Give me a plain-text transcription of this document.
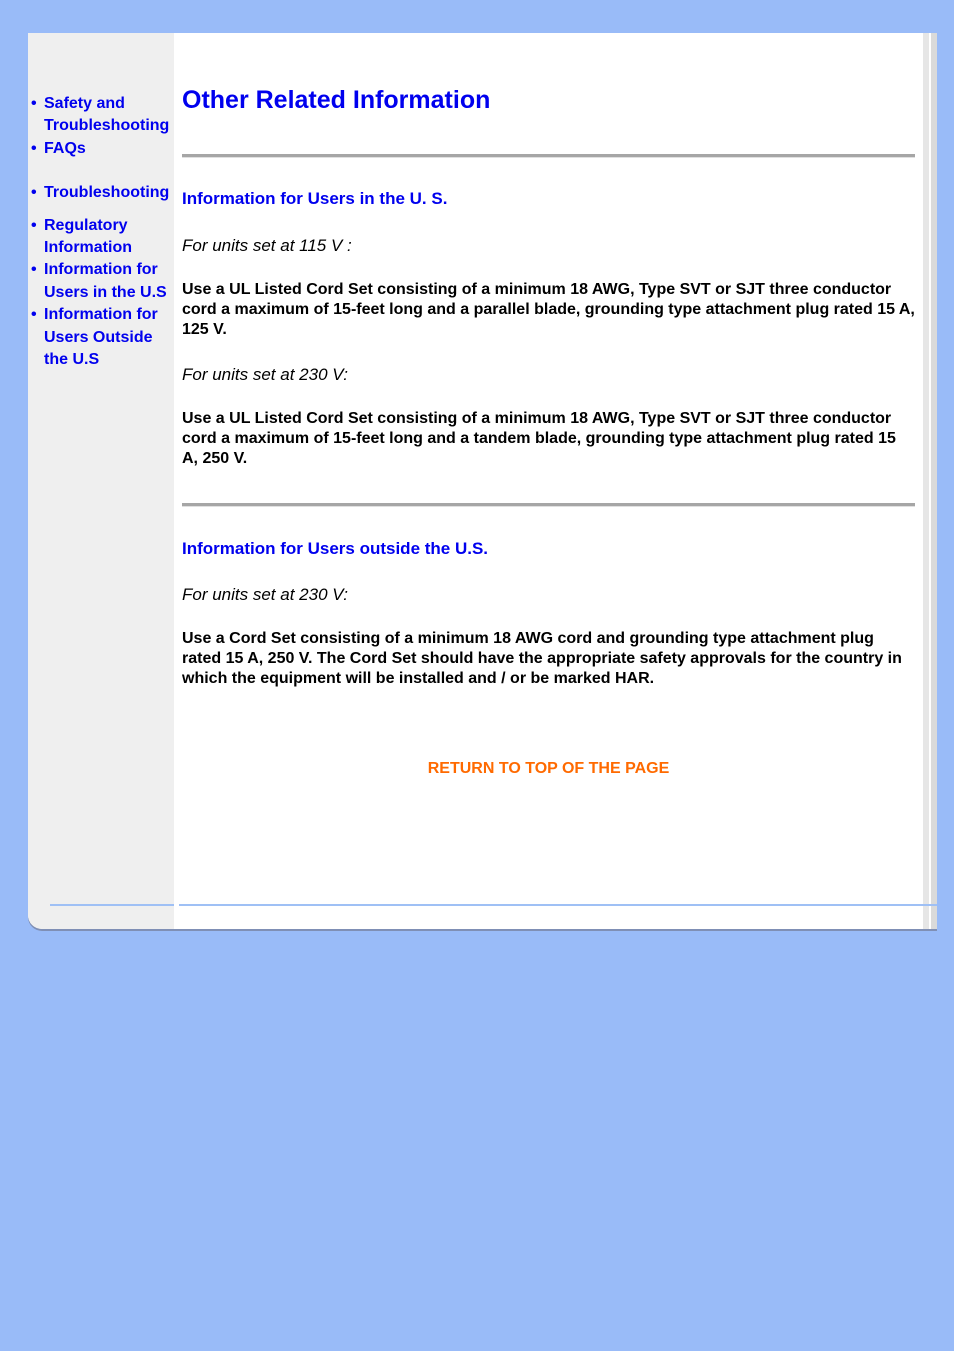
• Safety and Troubleshooting
• FAQs
• Troubleshooting
• Regulatory Information
• Information for Users in the U.S
• Information for Users Outside the U.S
Other Related Information
Information for Users in the U. S.

For units set at 115 V :

Use a UL Listed Cord Set consisting of a minimum 18 AWG, Type SVT or SJT three conductor cord a maximum of 15-feet long and a parallel blade, grounding type attachment plug rated 15 A, 125 V.

For units set at 230 V:

Use a UL Listed Cord Set consisting of a minimum 18 AWG, Type SVT or SJT three conductor cord a maximum of 15-feet long and a tandem blade, grounding type attachment plug rated 15 A, 250 V.

Information for Users outside the U.S.

For units set at 230 V:

Use a Cord Set consisting of a minimum 18 AWG cord and grounding type attachment plug rated 15 A, 250 V. The Cord Set should have the appropriate safety approvals for the country in which the equipment will be installed and / or be marked HAR.

RETURN TO TOP OF THE PAGE
